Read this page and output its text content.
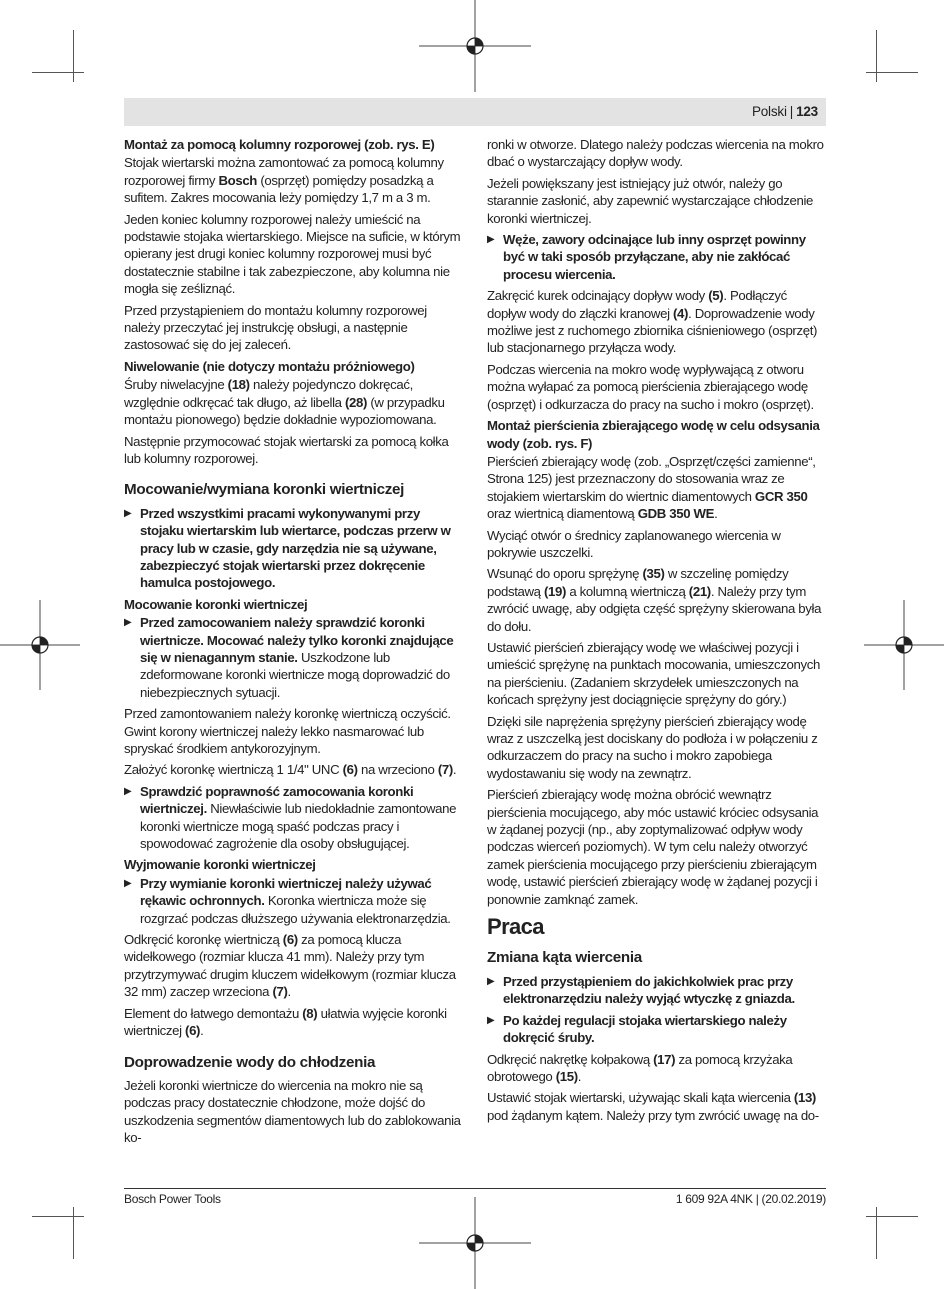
Polski | 123
Montaż za pomocą kolumny rozporowej (zob. rys. E)

Stojak wiertarski można zamontować za pomocą kolumny rozporowej firmy Bosch (osprzęt) pomiędzy posadzką a sufitem. Zakres mocowania leży pomiędzy 1,7 m a 3 m.

Jeden koniec kolumny rozporowej należy umieścić na podstawie stojaka wiertarskiego. Miejsce na suficie, w którym opierany jest drugi koniec kolumny rozporowej musi być dostatecznie stabilne i tak zabezpieczone, aby kolumna nie mogła się ześliznąć.

Przed przystąpieniem do montażu kolumny rozporowej należy przeczytać jej instrukcję obsługi, a następnie zastosować się do jej zaleceń.

Niwelowanie (nie dotyczy montażu próżniowego)

Śruby niwelacyjne (18) należy pojedynczo dokręcać, względnie odkręcać tak długo, aż libella (28) (w przypadku montażu pionowego) będzie dokładnie wypoziomowana.

Następnie przymocować stojak wiertarski za pomocą kołka lub kolumny rozporowej.

Mocowanie/wymiana koronki wiertniczej
▶ Przed wszystkimi pracami wykonywanymi przy stojaku wiertarskim lub wiertarce, podczas przerw w pracy lub w czasie, gdy narzędzia nie są używane, zabezpieczyć stojak wiertarski przez dokręcenie hamulca postojowego.
Mocowanie koronki wiertniczej
▶ Przed zamocowaniem należy sprawdzić koronki wiertnicze. Mocować należy tylko koronki znajdujące się w nienagannym stanie. Uszkodzone lub zdeformowane koronki wiertnicze mogą doprowadzić do niebezpiecznych sytuacji.

Przed zamontowaniem należy koronkę wiertniczą oczyścić. Gwint korony wiertniczej należy lekko nasmarować lub spryskać środkiem antykorozyjnym.

Założyć koronkę wiertniczą 1 1/4" UNC (6) na wrzeciono (7).

▶ Sprawdzić poprawność zamocowania koronki wiertniczej. Niewłaściwie lub niedokładnie zamontowane koronki wiertnicze mogą spaść podczas pracy i spowodować zagrożenie dla osoby obsługującej.
Wyjmowanie koronki wiertniczej
▶ Przy wymianie koronki wiertniczej należy używać rękawic ochronnych. Koronka wiertnicza może się rozgrzać podczas dłuższego używania elektronarzędzia.

Odkręcić koronkę wiertniczą (6) za pomocą klucza widełkowego (rozmiar klucza 41 mm). Należy przy tym przytrzymywać drugim kluczem widełkowym (rozmiar klucza 32 mm) zaczep wrzeciona (7).

Element do łatwego demontażu (8) ułatwia wyjęcie koronki wiertniczej (6).

Doprowadzenie wody do chłodzenia

Jeżeli koronki wiertnicze do wiercenia na mokro nie są podczas pracy dostatecznie chłodzone, może dojść do uszkodzenia segmentów diamentowych lub do zablokowania ko-

ronki w otworze. Dlatego należy podczas wiercenia na mokro dbać o wystarczający dopływ wody.

Jeżeli powiększany jest istniejący już otwór, należy go starannie zasłonić, aby zapewnić wystarczające chłodzenie koronki wiertniczej.

▶ Węże, zawory odcinające lub inny osprzęt powinny być w taki sposób przyłączane, aby nie zakłócać procesu wiercenia.

Zakręcić kurek odcinający dopływ wody (5). Podłączyć dopływ wody do złączki kranowej (4). Doprowadzenie wody możliwe jest z ruchomego zbiornika ciśnieniowego (osprzęt) lub stacjonarnego przyłącza wody.

Podczas wiercenia na mokro wodę wypływającą z otworu można wyłapać za pomocą pierścienia zbierającego wodę (osprzęt) i odkurzacza do pracy na sucho i mokro (osprzęt).

Montaż pierścienia zbierającego wodę w celu odsysania wody (zob. rys. F)

Pierścień zbierający wodę (zob. „Osprzęt/części zamienne“, Strona 125) jest przeznaczony do stosowania wraz ze stojakiem wiertarskim do wiertnic diamentowych GCR 350 oraz wiertnicą diamentową GDB 350 WE.

Wyciąć otwór o średnicy zaplanowanego wiercenia w pokrywie uszczelki.

Wsunąć do oporu sprężynę (35) w szczelinę pomiędzy podstawą (19) a kolumną wiertniczą (21). Należy przy tym zwrócić uwagę, aby odgięta część sprężyny skierowana była do dołu.

Ustawić pierścień zbierający wodę we właściwej pozycji i umieścić sprężynę na punktach mocowania, umieszczonych na pierścieniu. (Zadaniem skrzydełek umieszczonych na końcach sprężyny jest dociągnięcie sprężyny do góry.)

Dzięki sile naprężenia sprężyny pierścień zbierający wodę wraz z uszczelką jest dociskany do podłoża i w połączeniu z odkurzaczem do pracy na sucho i mokro zapobiega wydostawaniu się wody na zewnątrz.

Pierścień zbierający wodę można obrócić wewnątrz pierścienia mocującego, aby móc ustawić króciec odsysania w żądanej pozycji (np., aby zoptymalizować odpływ wody podczas wierceń poziomych). W tym celu należy otworzyć zamek pierścienia mocującego przy pierścieniu zbierającym wodę, ustawić pierścień zbierający wodę w żądanej pozycji i ponownie zamknąć zamek.

Praca
Zmiana kąta wiercenia
▶ Przed przystąpieniem do jakichkolwiek prac przy elektronarzędziu należy wyjąć wtyczkę z gniazda.
▶ Po każdej regulacji stojaka wiertarskiego należy dokręcić śruby.

Odkręcić nakrętkę kołpakową (17) za pomocą krzyżaka obrotowego (15).

Ustawić stojak wiertarski, używając skali kąta wiercenia (13) pod żądanym kątem. Należy przy tym zwrócić uwagę na do-

Bosch Power Tools	1 609 92A 4NK | (20.02.2019)
